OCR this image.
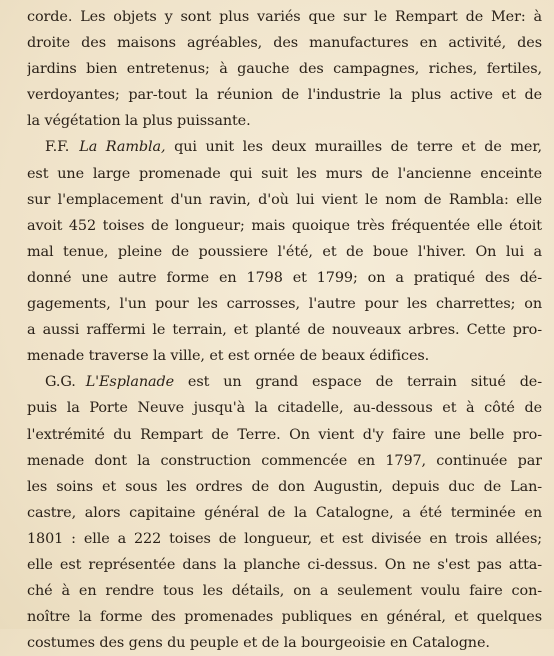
corde. Les objets y sont plus variés que sur le Rempart de Mer: à
droite des maisons agréables, des manufactures en activité, des
jardins bien entretenus; à gauche des campagnes, riches, fertiles,
verdoyantes; par-tout la réunion de l'industrie la plus active et de
la végétation la plus puissante.
F.F. La Rambla, qui unit les deux murailles de terre et de mer,
est une large promenade qui suit les murs de l'ancienne enceinte
sur l'emplacement d'un ravin, d'où lui vient le nom de Rambla: elle
avoit 452 toises de longueur; mais quoique très fréquentée elle étoit
mal tenue, pleine de poussiere l'été, et de boue l'hiver. On lui a
donné une autre forme en 1798 et 1799; on a pratiqué des dé-
gagements, l'un pour les carrosses, l'autre pour les charrettes; on
a aussi raffermi le terrain, et planté de nouveaux arbres. Cette pro-
menade traverse la ville, et est ornée de beaux édifices.
G.G. L'Esplanade est un grand espace de terrain situé de-
puis la Porte Neuve jusqu'à la citadelle, au-dessous et à côté de
l'extrémité du Rempart de Terre. On vient d'y faire une belle pro-
menade dont la construction commencée en 1797, continuée par
les soins et sous les ordres de don Augustin, depuis duc de Lan-
castre, alors capitaine général de la Catalogne, a été terminée en
1801 : elle a 222 toises de longueur, et est divisée en trois allées;
elle est représentée dans la planche ci-dessus. On ne s'est pas atta-
ché à en rendre tous les détails, on a seulement voulu faire con-
noître la forme des promenades publiques en général, et quelques
costumes des gens du peuple et de la bourgeoisie en Catalogne.
